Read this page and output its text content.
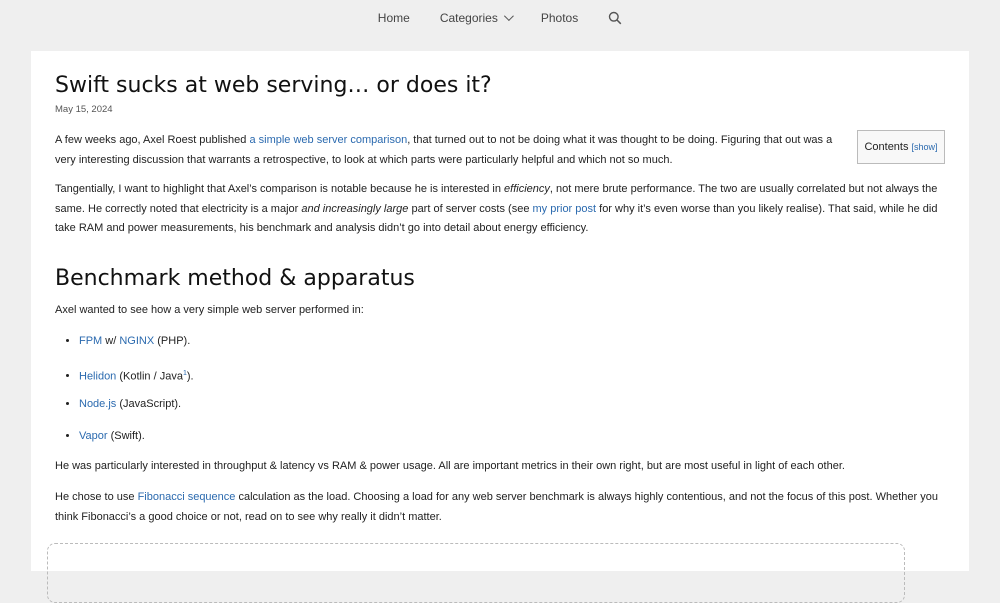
Home	Categories	Photos
Swift sucks at web serving… or does it?
May 15, 2024
Contents [show]

A few weeks ago, Axel Roest published a simple web server comparison, that turned out to not be doing what it was thought to be doing. Figuring that out was a very interesting discussion that warrants a retrospective, to look at which parts were particularly helpful and which not so much.

Tangentially, I want to highlight that Axel’s comparison is notable because he is interested in efficiency, not mere brute performance. The two are usually correlated but not always the same. He correctly noted that electricity is a major and increasingly large part of server costs (see my prior post for why it’s even worse than you likely realise). That said, while he did take RAM and power measurements, his benchmark and analysis didn’t go into detail about energy efficiency.

Benchmark method & apparatus

Axel wanted to see how a very simple web server performed in:

• FPM w/ NGINX (PHP).
• Helidon (Kotlin / Java$^1$).
• Node.js (JavaScript).
• Vapor (Swift).

He was particularly interested in throughput & latency vs RAM & power usage. All are important metrics in their own right, but are most useful in light of each other.

He chose to use Fibonacci sequence calculation as the load. Choosing a load for any web server benchmark is always highly contentious, and not the focus of this post. Whether you think Fibonacci’s a good choice or not, read on to see why really it didn’t matter.
